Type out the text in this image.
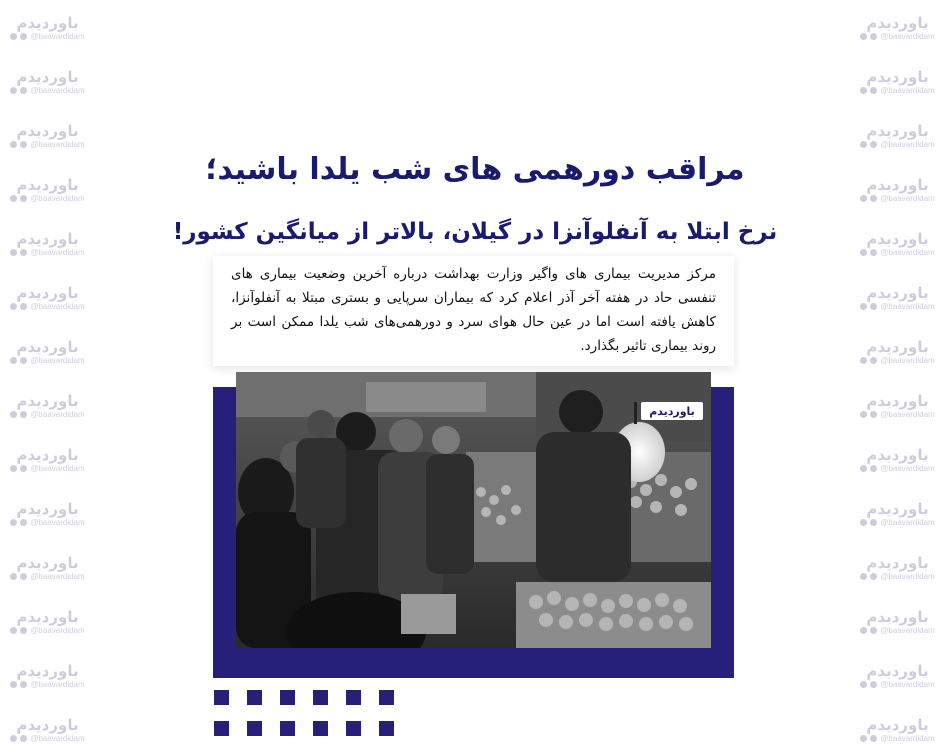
باوردیدم
@baavardidam
باوردیدم
@baavardidam
باوردیدم
@baavardidam
باوردیدم
@baavardidam
باوردیدم
@baavardidam
باوردیدم
@baavardidam
باوردیدم
@baavardidam
باوردیدم
@baavardidam
باوردیدم
@baavardidam
باوردیدم
@baavardidam
باوردیدم
@baavardidam
باوردیدم
@baavardidam
باوردیدم
@baavardidam
باوردیدم
@baavardidam
باوردیدم
@baavardidam
باوردیدم
@baavardidam
باوردیدم
@baavardidam
باوردیدم
@baavardidam
باوردیدم
@baavardidam
باوردیدم
@baavardidam
باوردیدم
@baavardidam
باوردیدم
@baavardidam
باوردیدم
@baavardidam
باوردیدم
@baavardidam
باوردیدم
@baavardidam
باوردیدم
@baavardidam
باوردیدم
@baavardidam
باوردیدم
@baavardidam
مراقب دورهمی های شب یلدا باشید؛
نرخ ابتلا به آنفلوآنزا در گیلان، بالاتر از میانگین کشور!

مرکز مدیریت بیماری های واگیر وزارت بهداشت درباره آخرین وضعیت بیماری های تنفسی حاد در هفته آخر آذر اعلام کرد که بیماران سرپایی و بستری مبتلا به آنفلوآنزا، کاهش یافته است اما در عین حال هوای سرد و دورهمی‌های شب یلدا ممکن است بر روند بیماری تاثیر بگذارد.

باوردیدم
